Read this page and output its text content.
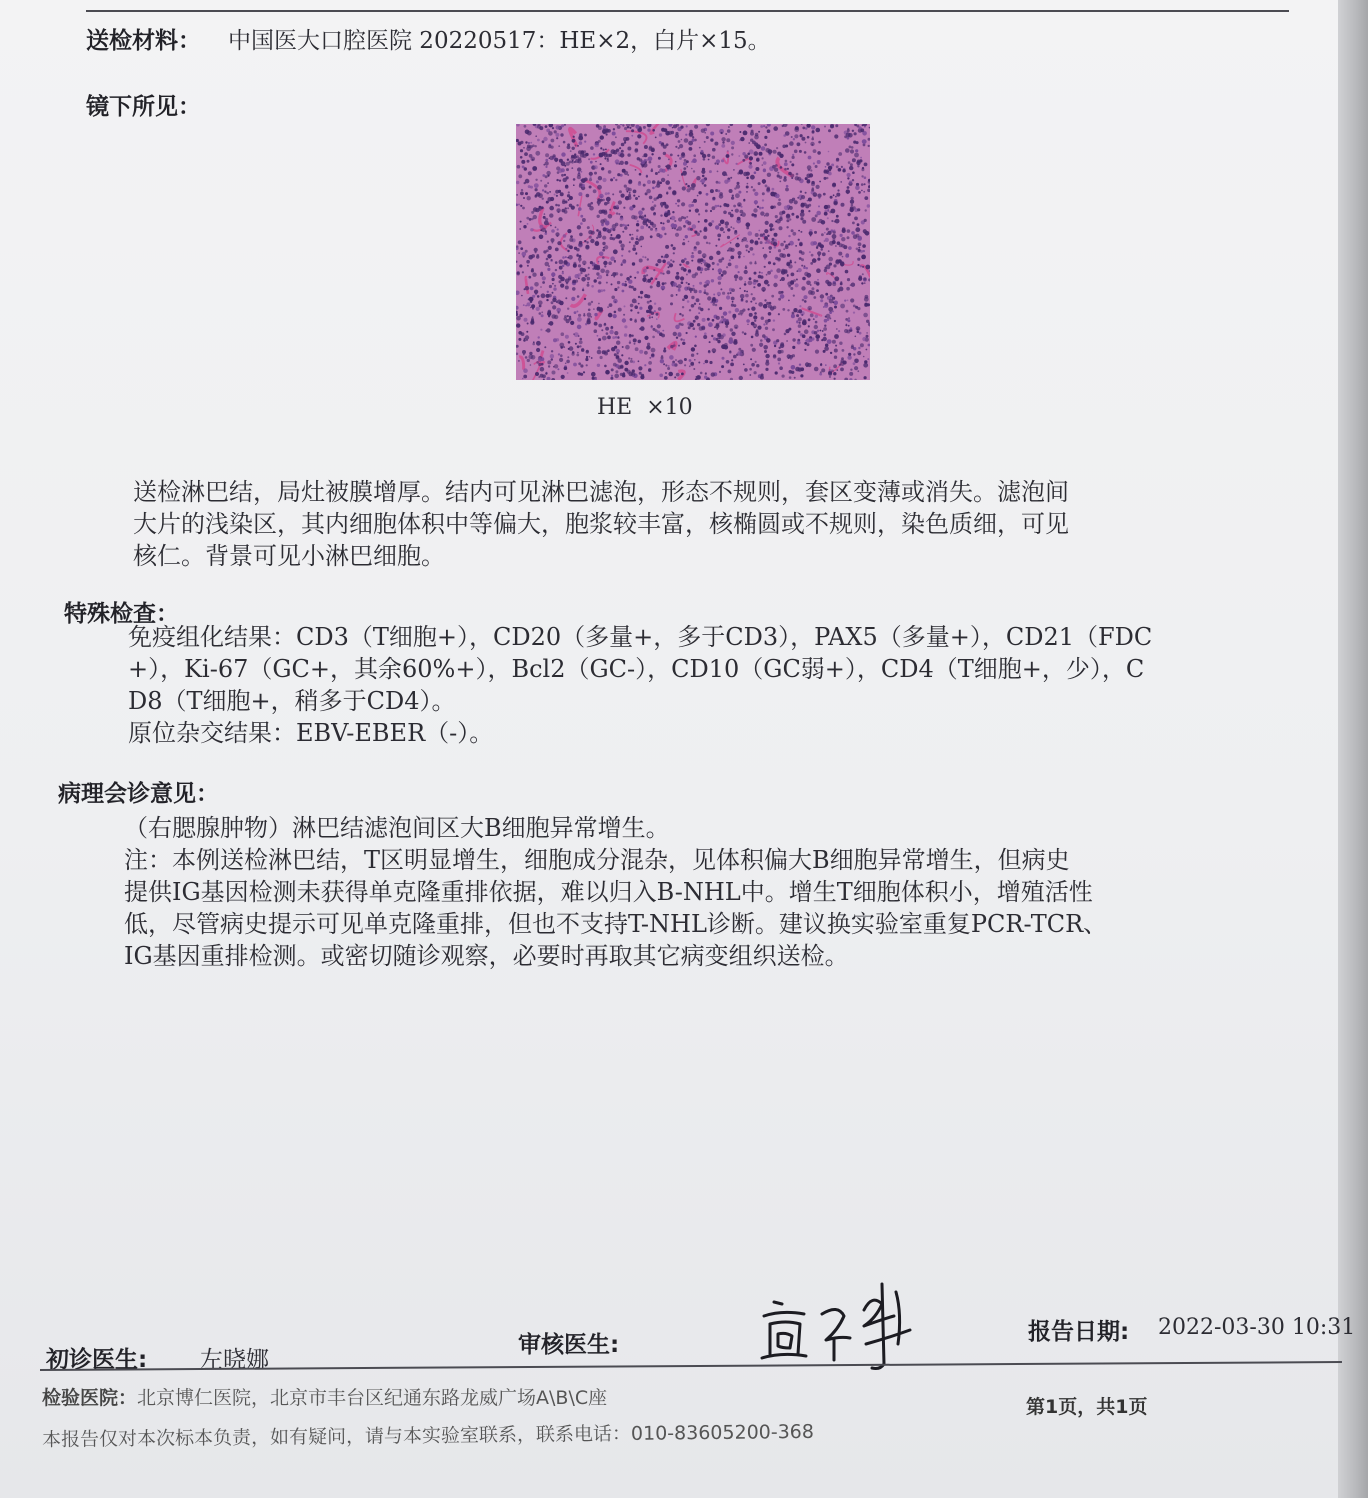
送检材料： 中国医大口腔医院 20220517：HE×2，白片×15。
镜下所见：
HE  ×10
送检淋巴结，局灶被膜增厚。结内可见淋巴滤泡，形态不规则，套区变薄或消失。滤泡间
大片的浅染区，其内细胞体积中等偏大，胞浆较丰富，核椭圆或不规则，染色质细，可见
核仁。背景可见小淋巴细胞。
特殊检查：
免疫组化结果：CD3（T细胞+），CD20（多量+，多于CD3），PAX5（多量+），CD21（FDC
+），Ki-67（GC+，其余60%+），Bcl2（GC-），CD10（GC弱+），CD4（T细胞+，少），C
D8（T细胞+，稍多于CD4）。
原位杂交结果：EBV-EBER（-）。
病理会诊意见：
（右腮腺肿物）淋巴结滤泡间区大B细胞异常增生。
注：本例送检淋巴结，T区明显增生，细胞成分混杂，见体积偏大B细胞异常增生，但病史
提供IG基因检测未获得单克隆重排依据，难以归入B-NHL中。增生T细胞体积小，增殖活性
低，尽管病史提示可见单克隆重排，但也不支持T-NHL诊断。建议换实验室重复PCR-TCR、
IG基因重排检测。或密切随诊观察，必要时再取其它病变组织送检。
初诊医生: 左晓娜
审核医生:	报告日期: 2022-03-30 10:31
检验医院：北京博仁医院，北京市丰台区纪通东路龙威广场A\B\C座	第1页，共1页
本报告仅对本次标本负责，如有疑问，请与本实验室联系，联系电话：010-83605200-368
